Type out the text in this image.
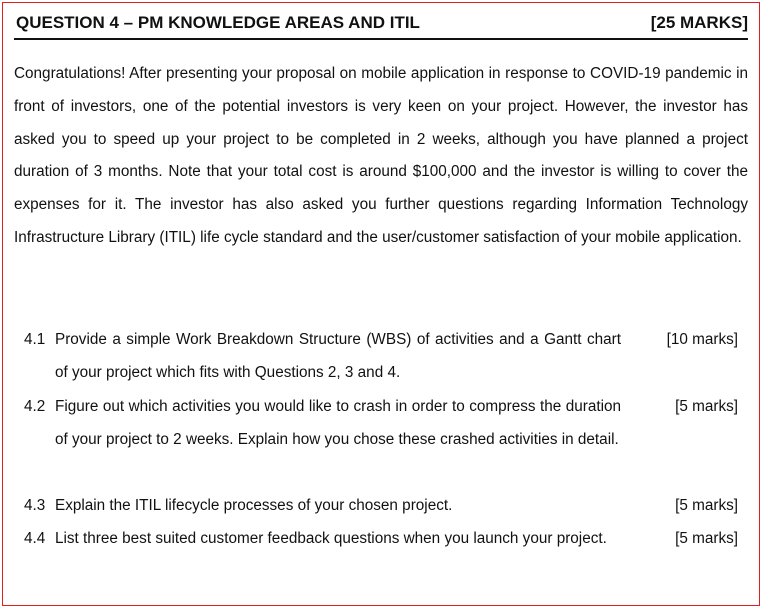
QUESTION 4 – PM KNOWLEDGE AREAS AND ITIL	[25 MARKS]
Congratulations! After presenting your proposal on mobile application in response to COVID-19 pandemic in front of investors, one of the potential investors is very keen on your project. However, the investor has asked you to speed up your project to be completed in 2 weeks, although you have planned a project duration of 3 months. Note that your total cost is around $100,000 and the investor is willing to cover the expenses for it. The investor has also asked you further questions regarding Information Technology Infrastructure Library (ITIL) life cycle standard and the user/customer satisfaction of your mobile application.
4.1 Provide a simple Work Breakdown Structure (WBS) of activities and a Gantt chart of your project which fits with Questions 2, 3 and 4.
[10 marks]
4.2 Figure out which activities you would like to crash in order to compress the duration of your project to 2 weeks. Explain how you chose these crashed activities in detail.
[5 marks]
4.3 Explain the ITIL lifecycle processes of your chosen project.	[5 marks]
4.4 List three best suited customer feedback questions when you launch your project.	[5 marks]
